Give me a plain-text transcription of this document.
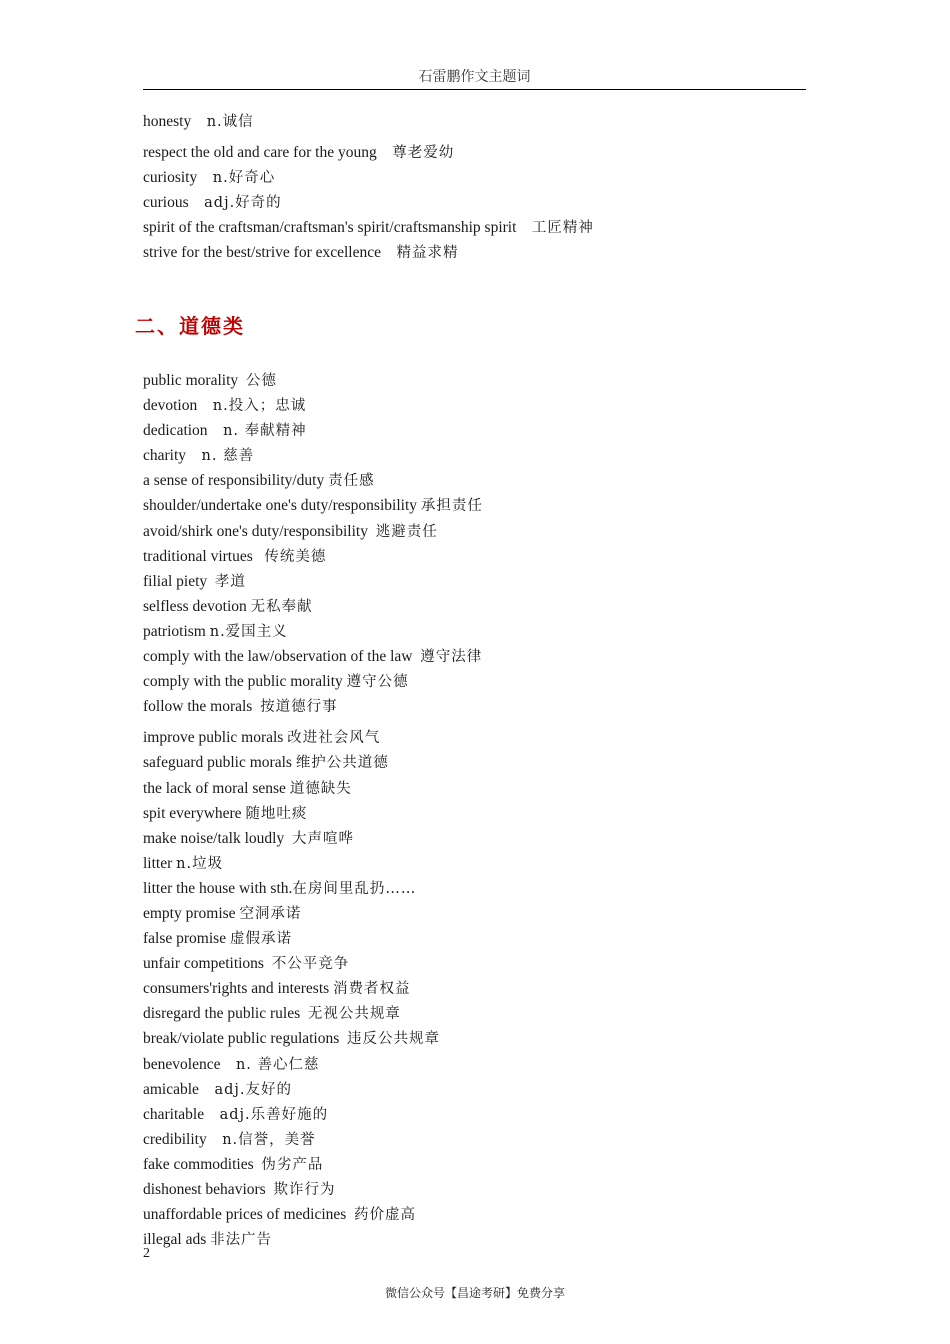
石雷鹏作文主题词
honesty n.诚信
respect the old and care for the young 尊老爱幼
curiosity n.好奇心
curious adj.好奇的
spirit of the craftsman/craftsman's spirit/craftsmanship spirit 工匠精神
strive for the best/strive for excellence 精益求精
二、道德类
public morality 公德
devotion n.投入；忠诚
dedication n. 奉献精神
charity n. 慈善
a sense of responsibility/duty 责任感
shoulder/undertake one's duty/responsibility 承担责任
avoid/shirk one's duty/responsibility 逃避责任
traditional virtues 传统美德
filial piety 孝道
selfless devotion 无私奉献
patriotism n.爱国主义
comply with the law/observation of the law 遵守法律
comply with the public morality 遵守公德
follow the morals 按道德行事
improve public morals 改进社会风气
safeguard public morals 维护公共道德
the lack of moral sense 道德缺失
spit everywhere 随地吐痰
make noise/talk loudly 大声喧哗
litter n.垃圾
litter the house with sth.在房间里乱扔……
empty promise 空洞承诺
false promise 虚假承诺
unfair competitions 不公平竞争
consumers'rights and interests 消费者权益
disregard the public rules 无视公共规章
break/violate public regulations 违反公共规章
benevolence n. 善心仁慈
amicable adj.友好的
charitable adj.乐善好施的
credibility n.信誉，美誉
fake commodities 伪劣产品
dishonest behaviors 欺诈行为
unaffordable prices of medicines 药价虚高
illegal ads 非法广告
2
微信公众号【昌途考研】免费分享
